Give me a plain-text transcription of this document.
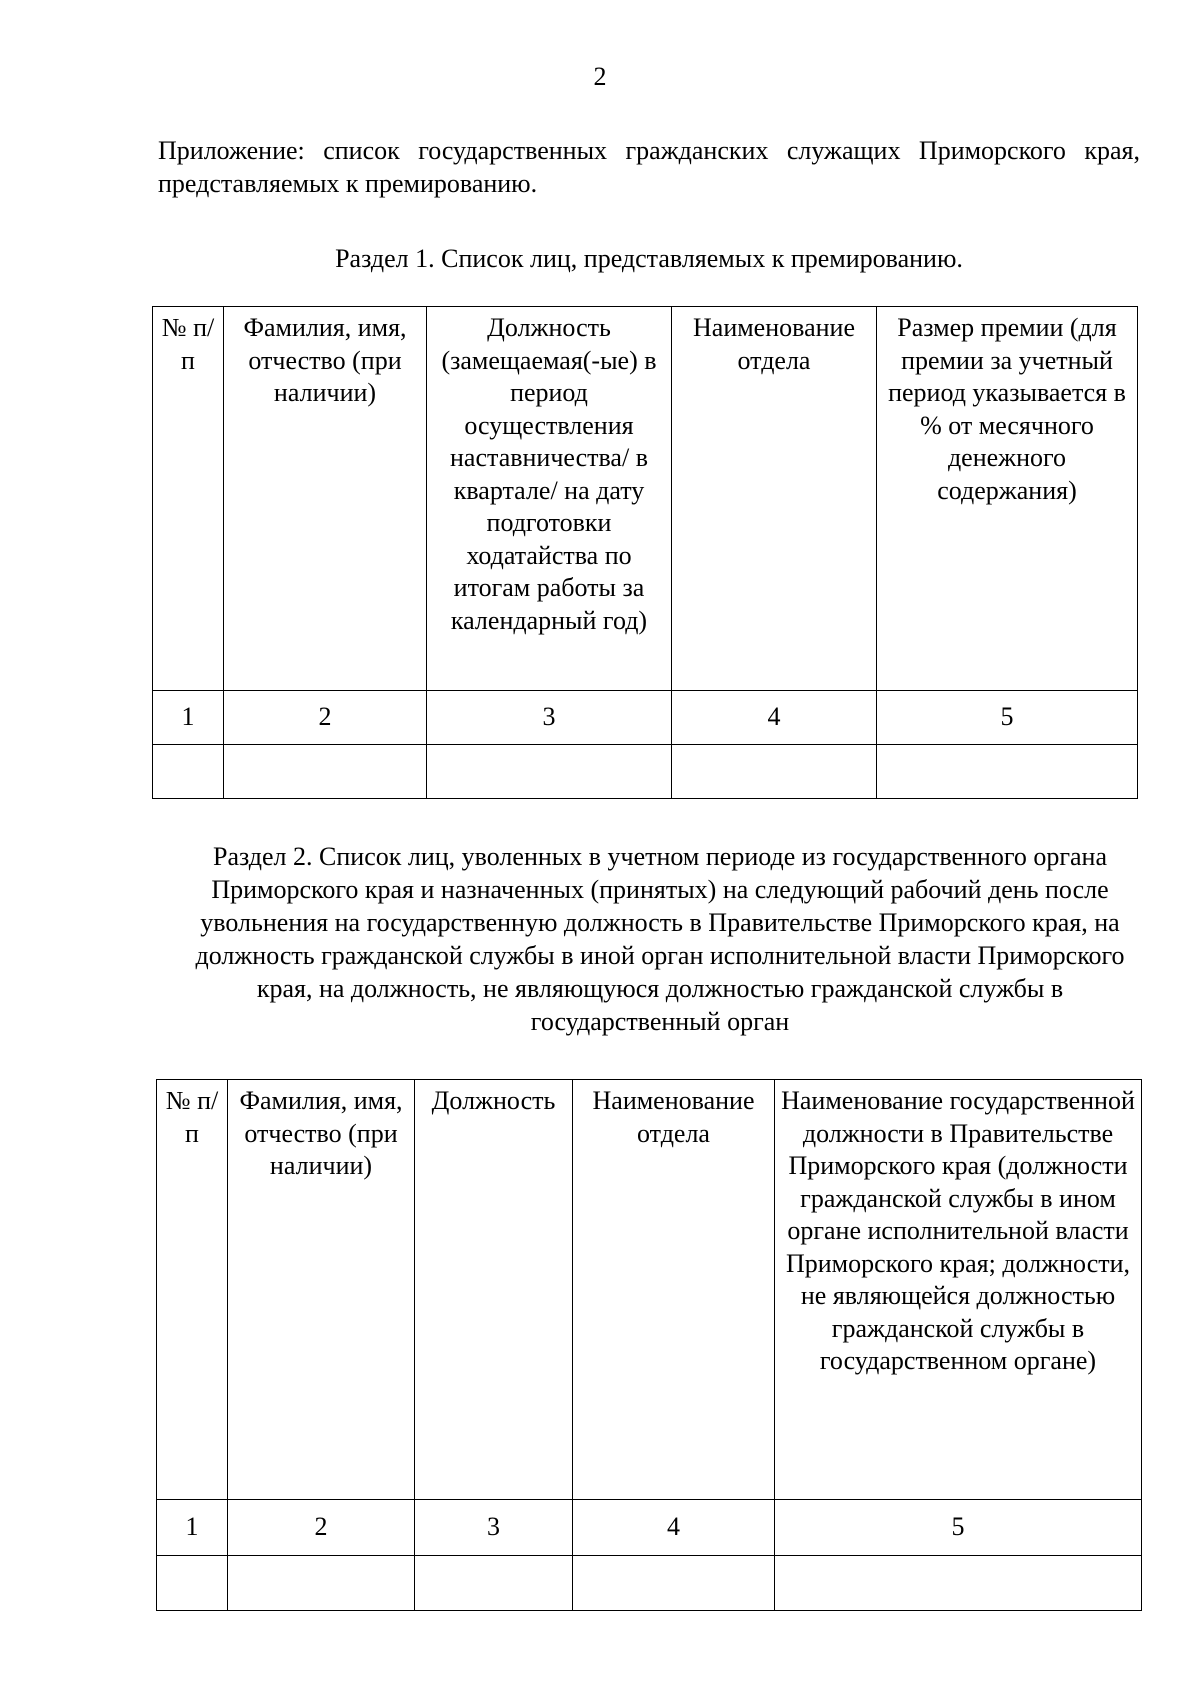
2
Приложение: список государственных гражданских служащих Приморского края, представляемых к премированию.
Раздел 1. Список лиц, представляемых к премированию.
№ п/п	Фамилия, имя, отчество (при наличии)	Должность (замещаемая(-ые) в период осуществления наставничества/ в квартале/ на дату подготовки ходатайства по итогам работы за календарный год)	Наименование отдела	Размер премии (для премии за учетный период указывается в % от месячного денежного содержания)
1	2	3	4	5

Раздел 2. Список лиц, уволенных в учетном периоде из государственного органа Приморского края и назначенных (принятых) на следующий рабочий день после увольнения на государственную должность в Правительстве Приморского края, на должность гражданской службы в иной орган исполнительной власти Приморского края, на должность, не являющуюся должностью гражданской службы в государственный орган
№ п/п	Фамилия, имя, отчество (при наличии)	Должность	Наименование отдела	Наименование государственной должности в Правительстве Приморского края (должности гражданской службы в ином органе исполнительной власти Приморского края; должности, не являющейся должностью гражданской службы в государственном органе)
1	2	3	4	5
